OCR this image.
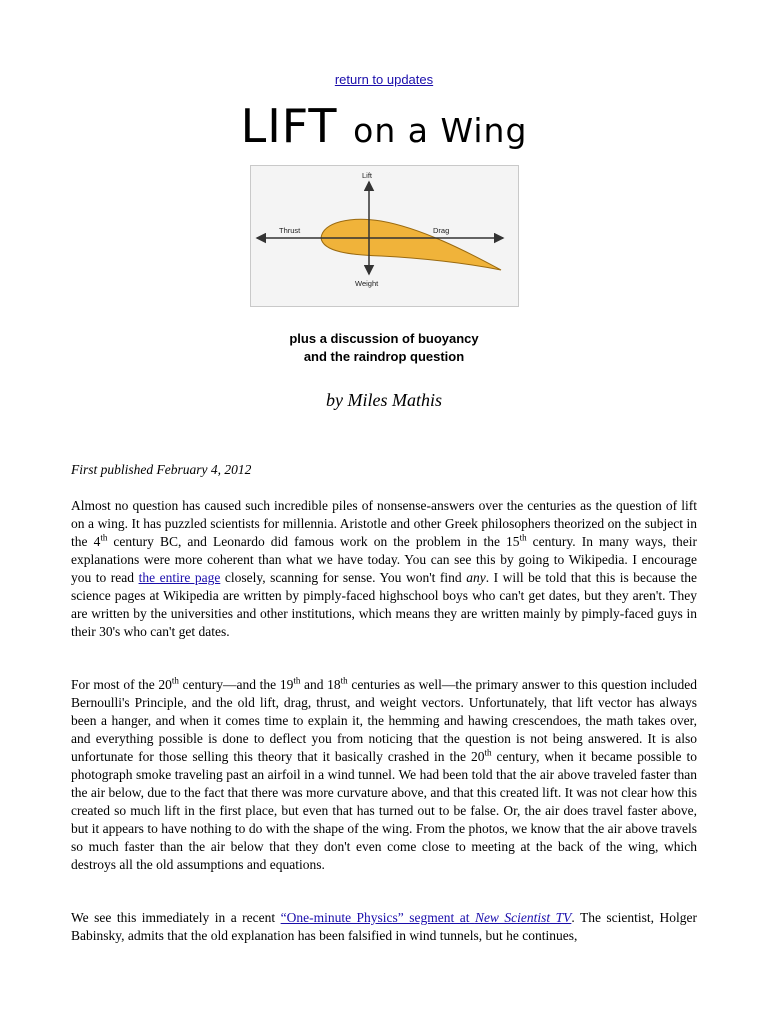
return to updates
LIFT on a Wing
Lift
Thrust	Drag
Weight
plus a discussion of buoyancy
and the raindrop question
by Miles Mathis
First published February 4, 2012

Almost no question has caused such incredible piles of nonsense-answers over the centuries as the question of lift on a wing. It has puzzled scientists for millennia. Aristotle and other Greek philosophers theorized on the subject in the 4th century BC, and Leonardo did famous work on the problem in the 15th century. In many ways, their explanations were more coherent than what we have today. You can see this by going to Wikipedia. I encourage you to read the entire page closely, scanning for sense. You won't find any. I will be told that this is because the science pages at Wikipedia are written by pimply-faced highschool boys who can't get dates, but they aren't. They are written by the universities and other institutions, which means they are written mainly by pimply-faced guys in their 30's who can't get dates.

For most of the 20th century—and the 19th and 18th centuries as well—the primary answer to this question included Bernoulli's Principle, and the old lift, drag, thrust, and weight vectors. Unfortunately, that lift vector has always been a hanger, and when it comes time to explain it, the hemming and hawing crescendoes, the math takes over, and everything possible is done to deflect you from noticing that the question is not being answered. It is also unfortunate for those selling this theory that it basically crashed in the 20th century, when it became possible to photograph smoke traveling past an airfoil in a wind tunnel. We had been told that the air above traveled faster than the air below, due to the fact that there was more curvature above, and that this created lift. It was not clear how this created so much lift in the first place, but even that has turned out to be false. Or, the air does travel faster above, but it appears to have nothing to do with the shape of the wing. From the photos, we know that the air above travels so much faster than the air below that they don't even come close to meeting at the back of the wing, which destroys all the old assumptions and equations.

We see this immediately in a recent “One-minute Physics” segment at New Scientist TV. The scientist, Holger Babinsky, admits that the old explanation has been falsified in wind tunnels, but he continues,
